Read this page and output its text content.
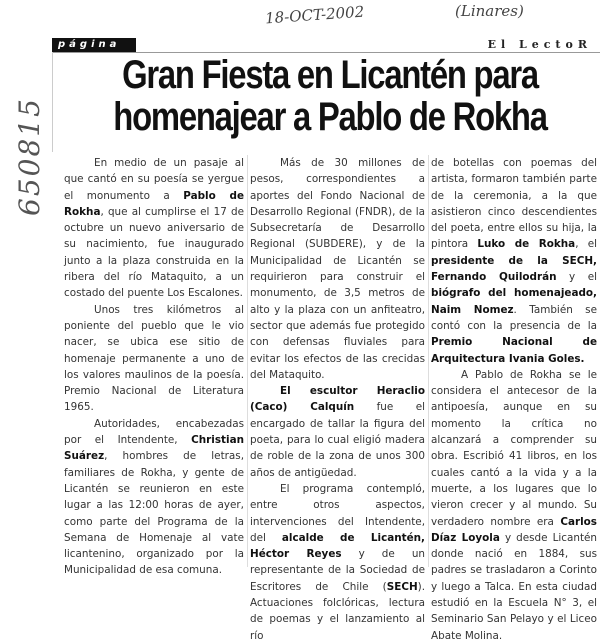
18-OCT-2002	(Linares)
650815
página 8
El LectoR
Gran Fiesta en Licantén para
homenajear a Pablo de Rokha

En medio de un pasaje al que cantó en su poesía se yergue el monumento a Pablo de Rokha, que al cumplirse el 17 de octubre un nuevo aniversario de su nacimiento, fue inaugurado junto a la plaza construida en la ribera del río Mataquito, a un costado del puente Los Escalones.

Unos tres kilómetros al poniente del pueblo que le vio nacer, se ubica ese sitio de homenaje permanente a uno de los valores maulinos de la poesía. Premio Nacional de Literatura 1965.

Autoridades, encabezadas por el Intendente, Christian Suárez, hombres de letras, familiares de Rokha, y gente de Licantén se reunieron en este lugar a las 12:00 horas de ayer, como parte del Programa de la Semana de Homenaje al vate licantenino, organizado por la Municipalidad de esa comuna.

Más de 30 millones de pesos, correspondientes a aportes del Fondo Nacional de Desarrollo Regional (FNDR), de la Subsecretaría de Desarrollo Regional (SUBDERE), y de la Municipalidad de Licantén se requirieron para construir el monumento, de 3,5 metros de alto y la plaza con un anfiteatro, sector que además fue protegido con defensas fluviales para evitar los efectos de las crecidas del Mataquito.

El escultor Heraclio (Caco) Calquín fue el encargado de tallar la figura del poeta, para lo cual eligió madera de roble de la zona de unos 300 años de antigüedad.

El programa contempló, entre otros aspectos, intervenciones del Intendente, del alcalde de Licantén, Héctor Reyes y de un representante de la Sociedad de Escritores de Chile (SECH). Actuaciones folclóricas, lectura de poemas y el lanzamiento al río

de botellas con poemas del artista, formaron también parte de la ceremonia, a la que asistieron cinco descendientes del poeta, entre ellos su hija, la pintora Luko de Rokha, el presidente de la SECH, Fernando Quilodrán y el biógrafo del homenajeado, Naim Nomez. También se contó con la presencia de la Premio Nacional de Arquitectura Ivania Goles.

A Pablo de Rokha se le considera el antecesor de la antipoesía, aunque en su momento la crítica no alcanzará a comprender su obra. Escribió 41 libros, en los cuales cantó a la vida y a la muerte, a los lugares que lo vieron crecer y al mundo. Su verdadero nombre era Carlos Díaz Loyola y desde Licantén donde nació en 1884, sus padres se trasladaron a Corinto y luego a Talca. En esta ciudad estudió en la Escuela N° 3, el Seminario San Pelayo y el Liceo Abate Molina.
